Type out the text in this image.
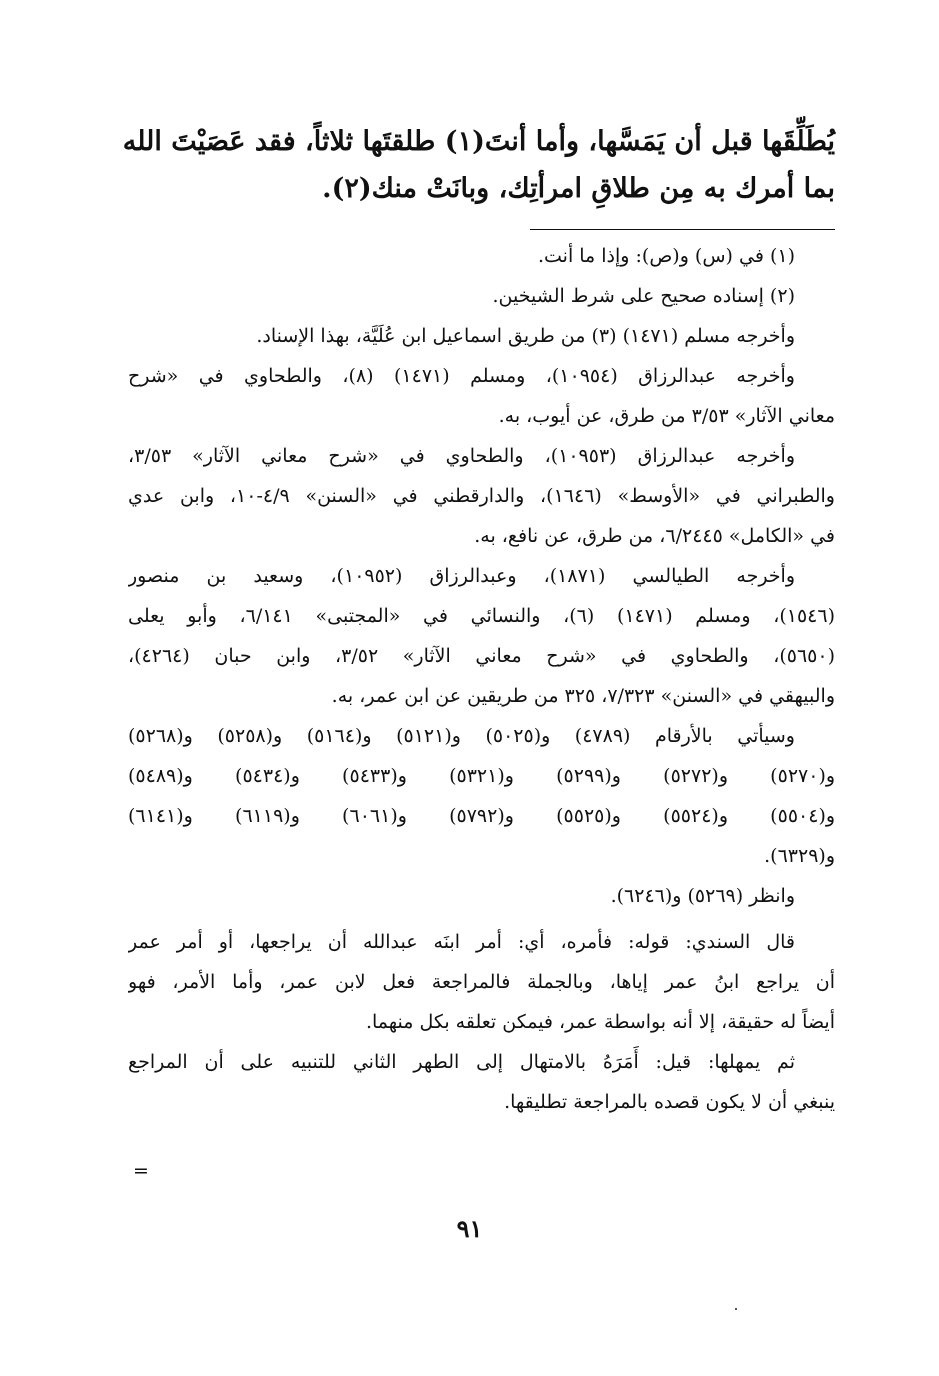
يُطَلِّقَها قبل أن يَمَسَّها، وأما أنتَ(١) طلقتَها ثلاثاً، فقد عَصَيْتَ الله

بما أمرك به مِن طلاقِ امرأتِك، وبانَتْ منك(٢).

(١) في (س) و(ص): وإذا ما أنت.

(٢) إسناده صحيح على شرط الشيخين.

وأخرجه مسلم (١٤٧١) (٣) من طريق اسماعيل ابن عُلَيَّة، بهذا الإسناد.

وأخرجه عبدالرزاق (١٠٩٥٤)، ومسلم (١٤٧١) (٨)، والطحاوي في «شرح

معاني الآثار» ٣/٥٣ من طرق، عن أيوب، به.

وأخرجه عبدالرزاق (١٠٩٥٣)، والطحاوي في «شرح معاني الآثار» ٣/٥٣،

والطبراني في «الأوسط» (١٦٤٦)، والدارقطني في «السنن» ٤/٩-١٠، وابن عدي

في «الكامل» ٦/٢٤٤٥، من طرق، عن نافع، به.

وأخرجه الطيالسي (١٨٧١)، وعبدالرزاق (١٠٩٥٢)، وسعيد بن منصور

(١٥٤٦)، ومسلم (١٤٧١) (٦)، والنسائي في «المجتبى» ٦/١٤١، وأبو يعلى

(٥٦٥٠)، والطحاوي في «شرح معاني الآثار» ٣/٥٢، وابن حبان (٤٢٦٤)،

والبيهقي في «السنن» ٧/٣٢٣، ٣٢٥ من طريقين عن ابن عمر، به.

وسيأتي بالأرقام (٤٧٨٩) و(٥٠٢٥) و(٥١٢١) و(٥١٦٤) و(٥٢٥٨) و(٥٢٦٨)

و(٥٢٧٠) و(٥٢٧٢) و(٥٢٩٩) و(٥٣٢١) و(٥٤٣٣) و(٥٤٣٤) و(٥٤٨٩)

و(٥٥٠٤) و(٥٥٢٤) و(٥٥٢٥) و(٥٧٩٢) و(٦٠٦١) و(٦١١٩) و(٦١٤١)

و(٦٣٢٩).

وانظر (٥٢٦٩) و(٦٢٤٦).

قال السندي: قوله: فأمره، أي: أمر ابنَه عبدالله أن يراجعها، أو أمر عمر

أن يراجع ابنُ عمر إياها، وبالجملة فالمراجعة فعل لابن عمر، وأما الأمر، فهو

أيضاً له حقيقة، إلا أنه بواسطة عمر، فيمكن تعلقه بكل منهما.

ثم يمهلها: قيل: أَمَرَهُ بالامتهال إلى الطهر الثاني للتنبيه على أن المراجع

ينبغي أن لا يكون قصده بالمراجعة تطليقها.

=
٩١
